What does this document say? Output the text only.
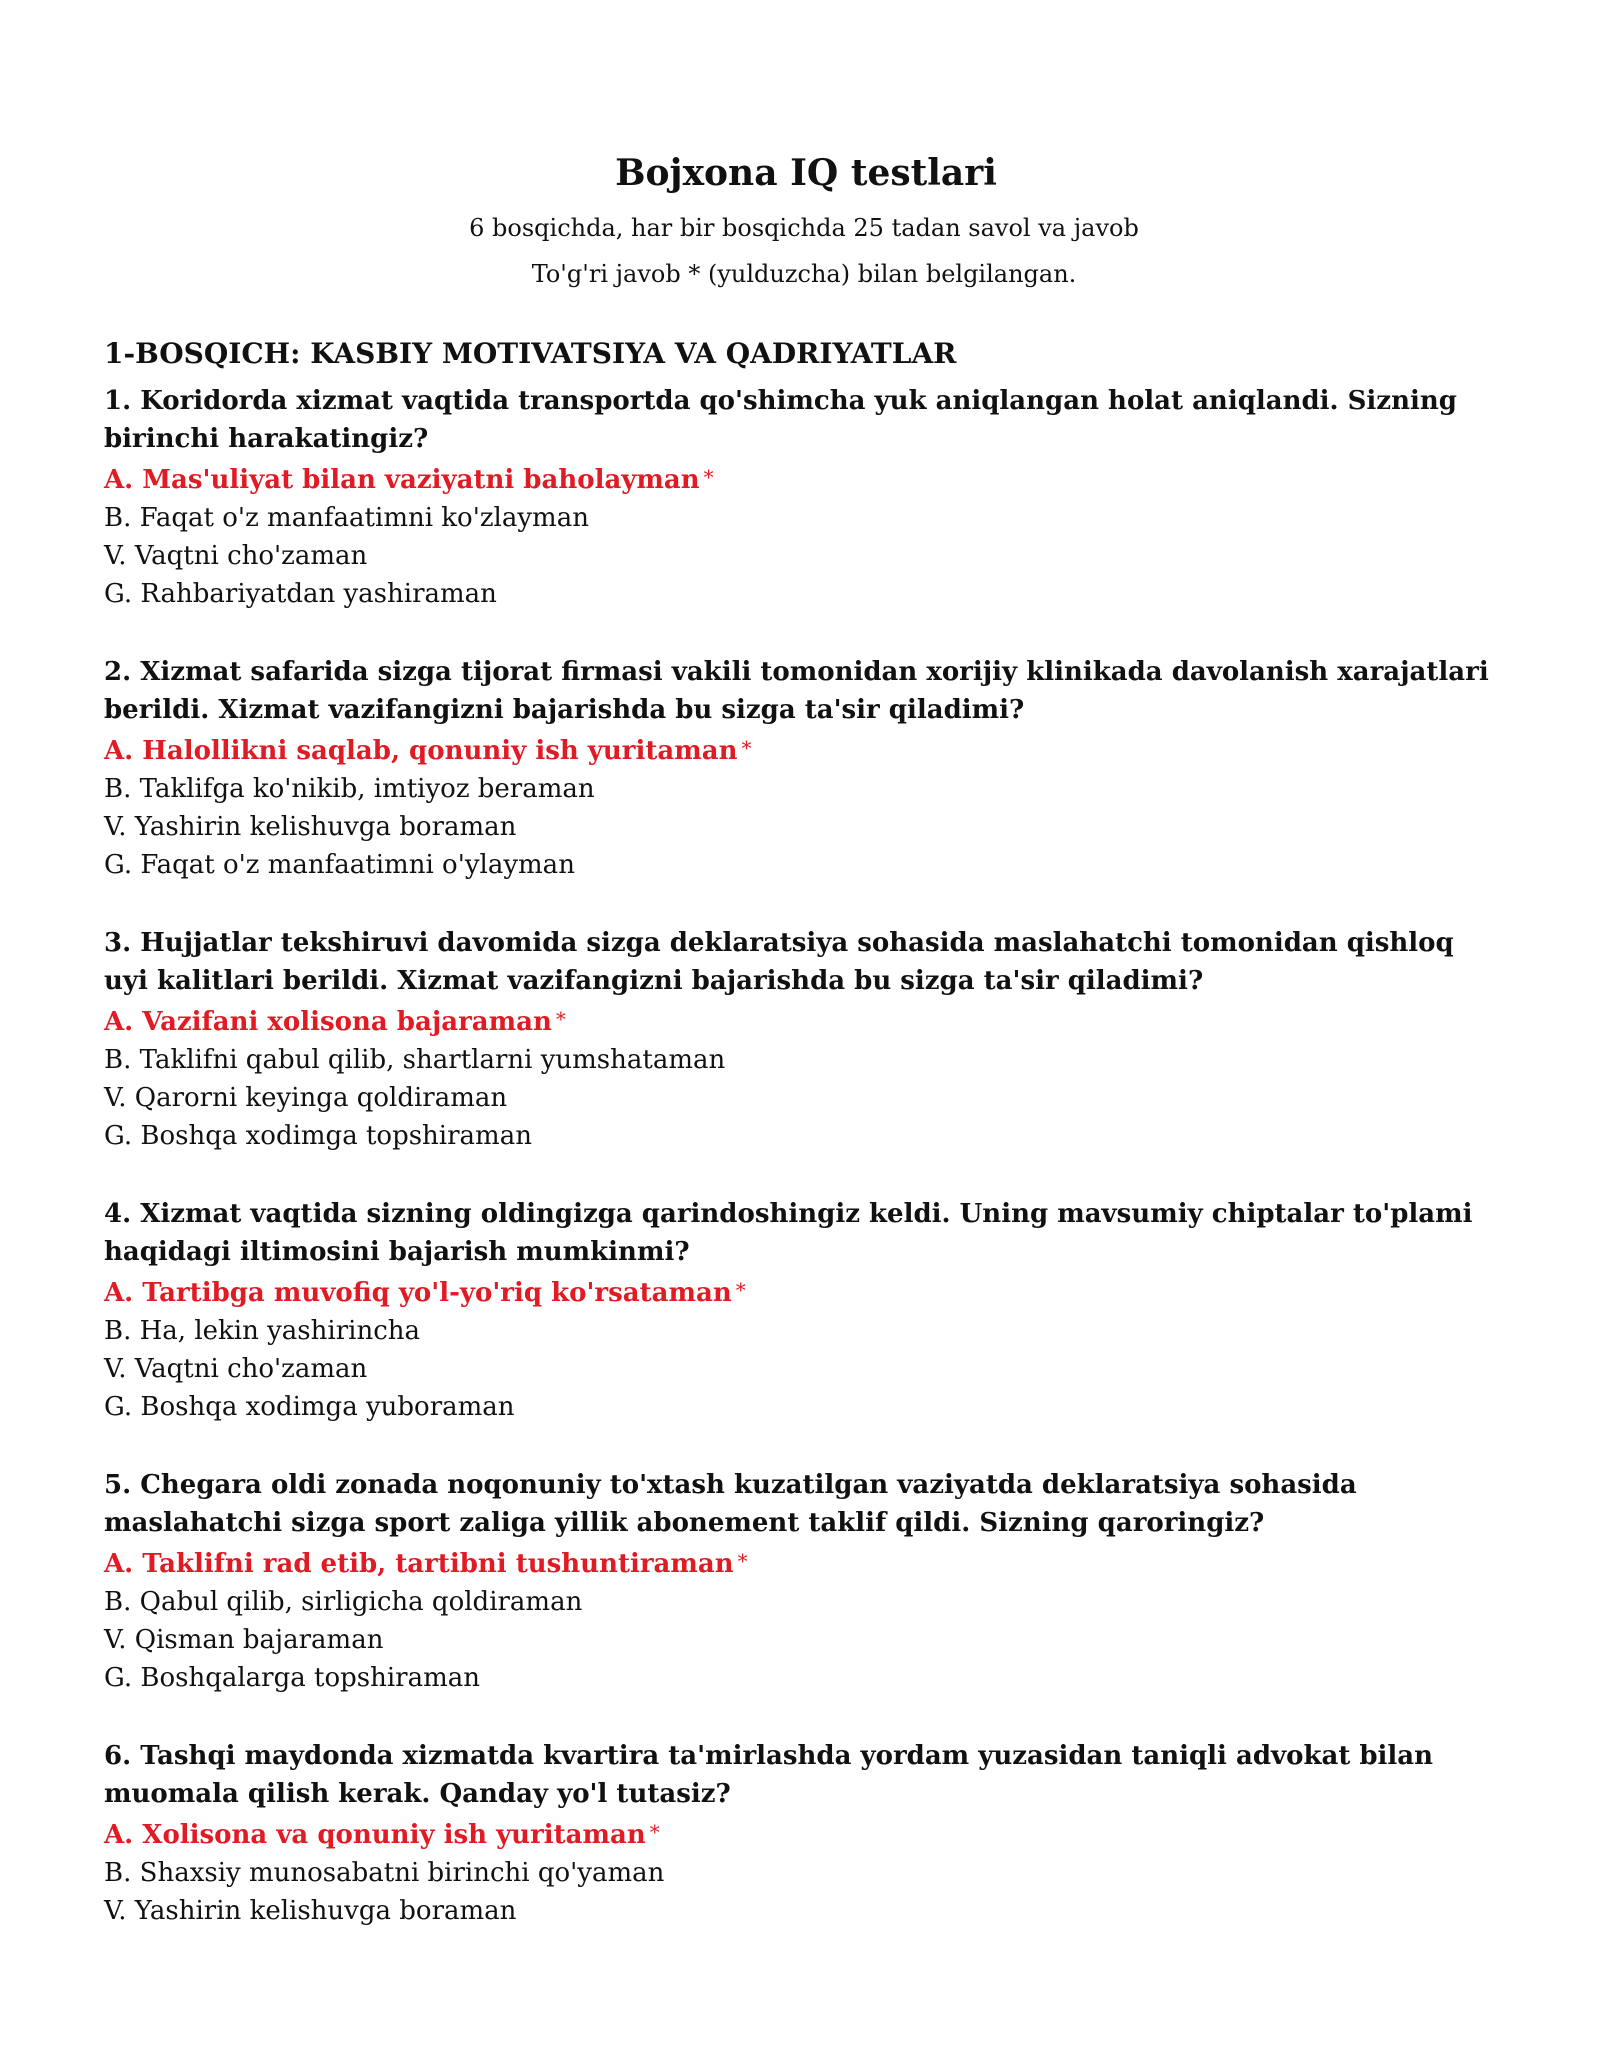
Bojxona IQ testlari

6 bosqichda, har bir bosqichda 25 tadan savol va javob

To'g'ri javob * (yulduzcha) bilan belgilangan.

1-BOSQICH: KASBIY MOTIVATSIYA VA QADRIYATLAR

1. Koridorda xizmat vaqtida transportda qo'shimcha yuk aniqlangan holat aniqlandi. Sizning birinchi harakatingiz?

A. Mas'uliyat bilan vaziyatni baholayman *

B. Faqat o'z manfaatimni ko'zlayman

V. Vaqtni cho'zaman

G. Rahbariyatdan yashiraman

2. Xizmat safarida sizga tijorat firmasi vakili tomonidan xorijiy klinikada davolanish xarajatlari berildi. Xizmat vazifangizni bajarishda bu sizga ta'sir qiladimi?

A. Halollikni saqlab, qonuniy ish yuritaman *

B. Taklifga ko'nikib, imtiyoz beraman

V. Yashirin kelishuvga boraman

G. Faqat o'z manfaatimni o'ylayman

3. Hujjatlar tekshiruvi davomida sizga deklaratsiya sohasida maslahatchi tomonidan qishloq uyi kalitlari berildi. Xizmat vazifangizni bajarishda bu sizga ta'sir qiladimi?

A. Vazifani xolisona bajaraman *

B. Taklifni qabul qilib, shartlarni yumshataman

V. Qarorni keyinga qoldiraman

G. Boshqa xodimga topshiraman

4. Xizmat vaqtida sizning oldingizga qarindoshingiz keldi. Uning mavsumiy chiptalar to'plami haqidagi iltimosini bajarish mumkinmi?

A. Tartibga muvofiq yo'l-yo'riq ko'rsataman *

B. Ha, lekin yashirincha

V. Vaqtni cho'zaman

G. Boshqa xodimga yuboraman

5. Chegara oldi zonada noqonuniy to'xtash kuzatilgan vaziyatda deklaratsiya sohasida maslahatchi sizga sport zaliga yillik abonement taklif qildi. Sizning qaroringiz?

A. Taklifni rad etib, tartibni tushuntiraman *

B. Qabul qilib, sirligicha qoldiraman

V. Qisman bajaraman

G. Boshqalarga topshiraman

6. Tashqi maydonda xizmatda kvartira ta'mirlashda yordam yuzasidan taniqli advokat bilan muomala qilish kerak. Qanday yo'l tutasiz?

A. Xolisona va qonuniy ish yuritaman *

B. Shaxsiy munosabatni birinchi qo'yaman

V. Yashirin kelishuvga boraman
